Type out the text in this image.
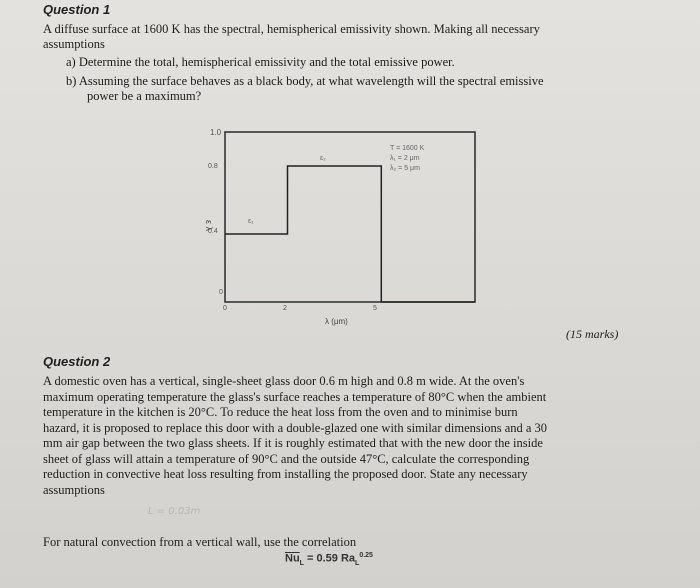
Question 1
A diffuse surface at 1600 K has the spectral, hemispherical emissivity shown. Making all necessary
assumptions
a) Determine the total, hemispherical emissivity and the total emissive power.
b) Assuming the surface behaves as a black body, at what wavelength will the spectral emissive
power be a maximum?
ε λ
λ (μm)
1.0
0.8
0.4
0
0	2	5
ε₁
ε₂
T = 1600 K
λ₁ = 2 μm
λ₂ = 5 μm
(15 marks)
Question 2
A domestic oven has a vertical, single-sheet glass door 0.6 m high and 0.8 m wide. At the oven's
maximum operating temperature the glass's surface reaches a temperature of 80°C when the ambient
temperature in the kitchen is 20°C. To reduce the heat loss from the oven and to minimise burn
hazard, it is proposed to replace this door with a double-glazed one with similar dimensions and a 30
mm air gap between the two glass sheets. If it is roughly estimated that with the new door the inside
sheet of glass will attain a temperature of 90°C and the outside 47°C, calculate the corresponding
reduction in convective heat loss resulting from installing the proposed door. State any necessary
assumptions
L = 0.03m
For natural convection from a vertical wall, use the correlation
$\overline{Nu}_L = 0.59$ $Ra_L^{0.25}$
